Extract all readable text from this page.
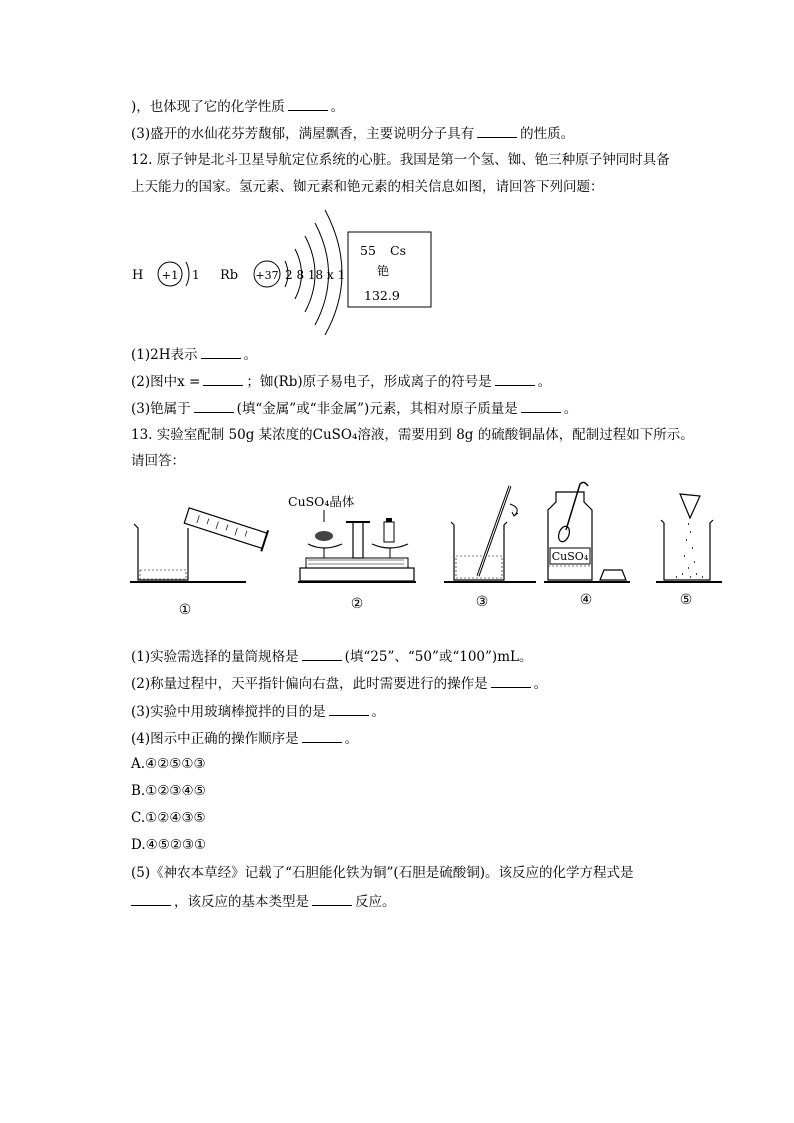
)，也体现了它的化学性质	。
(3)盛开的水仙花芬芳馥郁，满屋飘香，主要说明分子具有	的性质。
12. 原子钟是北斗卫星导航定位系统的心脏。我国是第一个氢、铷、铯三种原子钟同时具备
上天能力的国家。氢元素、铷元素和铯元素的相关信息如图，请回答下列问题：
H +1 1 Rb +37 2 8 18 x 1
55 Cs
铯
132.9
(1)2H表示	。
(2)图中x =	；铷(Rb)原子易电子，形成离子的符号是	。
(3)铯属于	(填“金属”或“非金属”)元素，其相对原子质量是	。
13. 实验室配制 50g 某浓度的CuSO₄溶液，需要用到 8g 的硫酸铜晶体，配制过程如下所示。
请回答：
CuSO₄晶体
CuSO₄
①	②	③	④	⑤
(1)实验需选择的量筒规格是	(填“25”、“50”或“100”)mL。
(2)称量过程中，天平指针偏向右盘，此时需要进行的操作是	。
(3)实验中用玻璃棒搅拌的目的是	。
(4)图示中正确的操作顺序是	。
A.④②⑤①③
B.①②③④⑤
C.①②④③⑤
D.④⑤②③①
(5)《神农本草经》记载了“石胆能化铁为铜”(石胆是硫酸铜)。该反应的化学方程式是
，该反应的基本类型是	反应。
